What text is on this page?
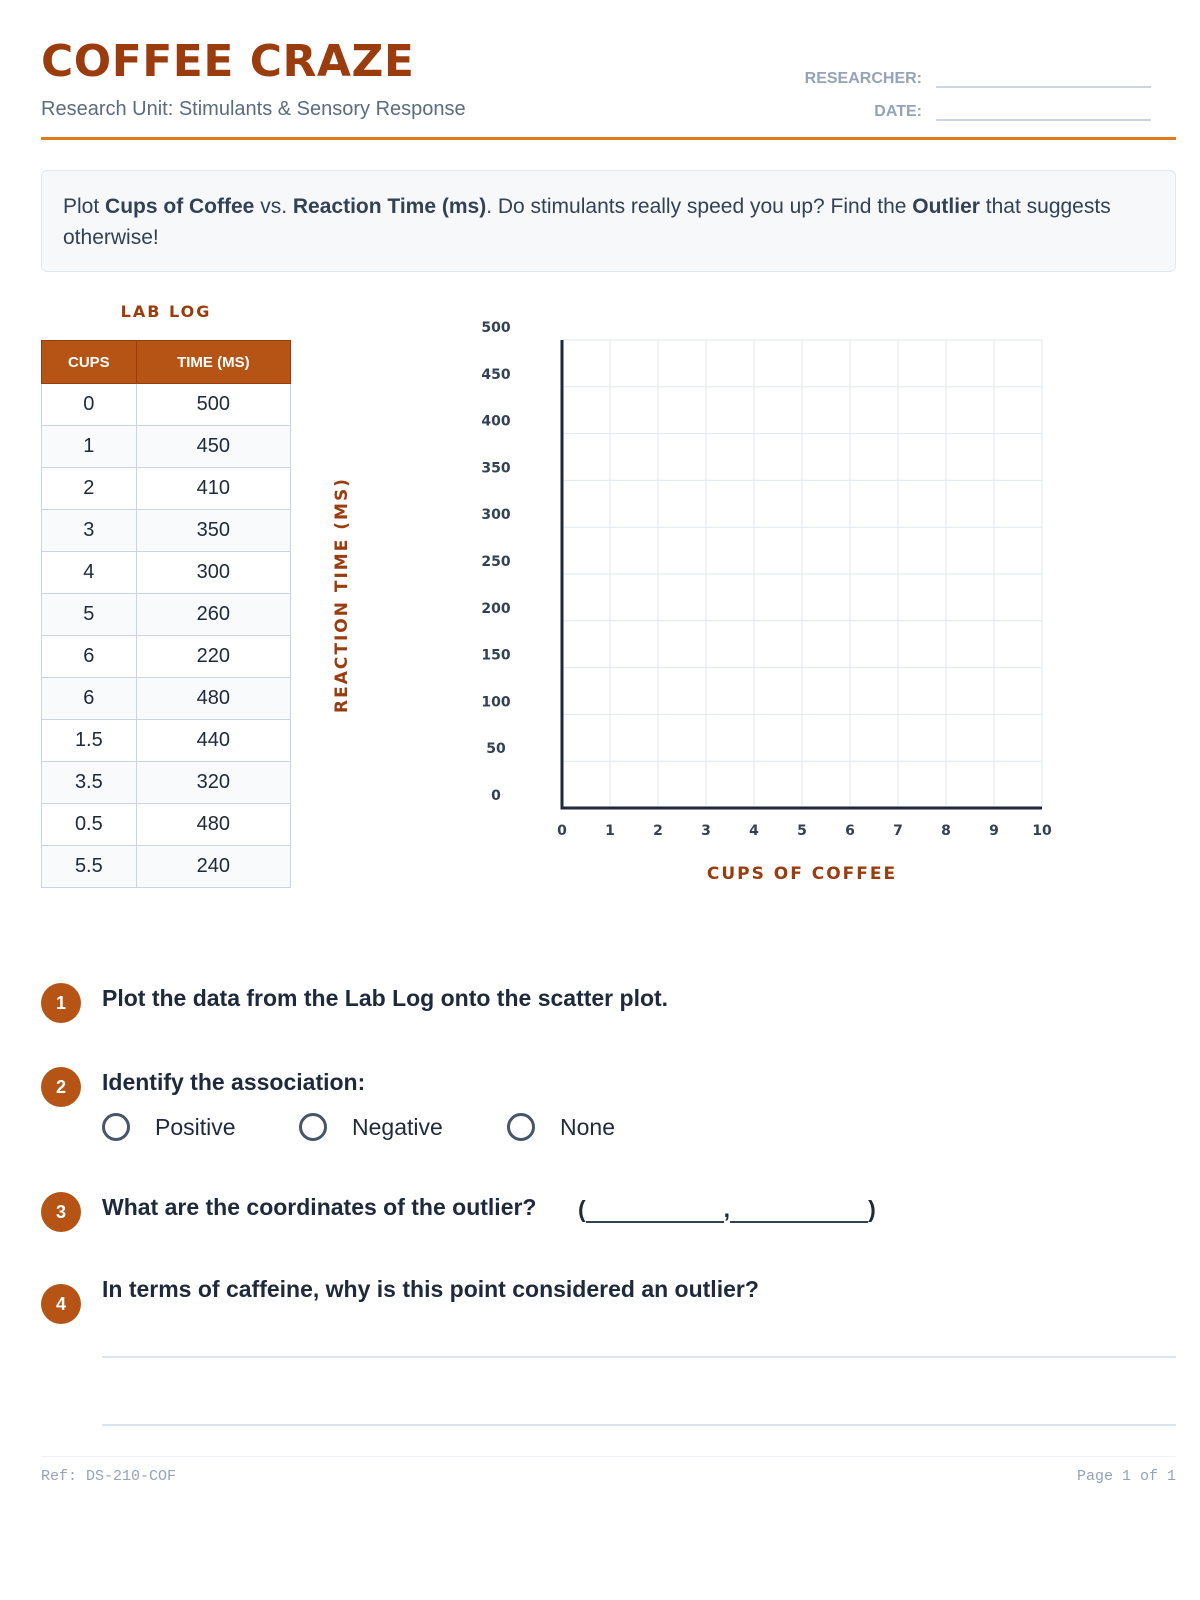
COFFEE CRAZE
Research Unit: Stimulants & Sensory Response
RESEARCHER:
DATE:
Plot Cups of Coffee vs. Reaction Time (ms). Do stimulants really speed you up? Find the Outlier that suggests otherwise!
LAB LOG
CUPS	TIME (MS)
0	500
1	450
2	410
3	350
4	300
5	260
6	220
6	480
1.5	440
3.5	320
0.5	480
5.5	240
0	1	2	3	4	5	6	7	8	9 10
0
50
100
150
200
250
300
350
400
450
500
CUPS OF COFFEE
REACTION TIME (MS)
1	Plot the data from the Lab Log onto the scatter plot.
2	Identify the association:
Positive	Negative	None
3	What are the coordinates of the outlier? (	,	)
4
In terms of caffeine, why is this point considered an outlier?
Ref: DS-210-COF	Page 1 of 1
